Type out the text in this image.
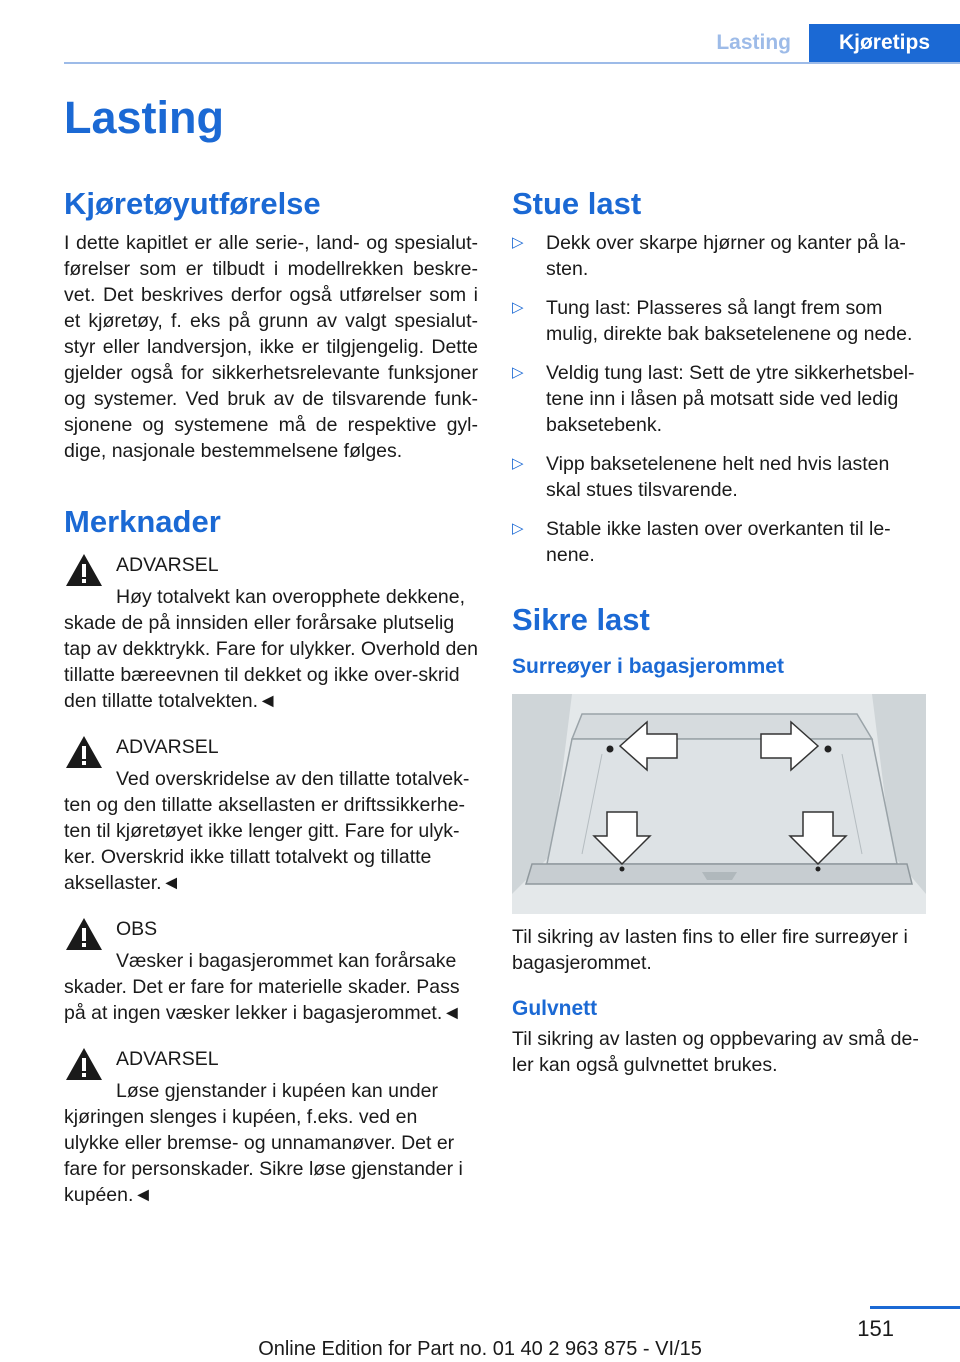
Lasting	Kjøretips
Lasting
Kjøretøyutførelse

I dette kapitlet er alle serie-, land- og spesialut-førelser som er tilbudt i modellrekken beskre-vet. Det beskrives derfor også utførelser som i et kjøretøy, f. eks på grunn av valgt spesialut-styr eller landversjon, ikke er tilgjengelig. Dette gjelder også for sikkerhetsrelevante funksjoner og systemer. Ved bruk av de tilsvarende funk-sjonene og systemene må de respektive gyl-dige, nasjonale bestemmelsene følges.

Merknader
ADVARSEL

Høy totalvekt kan overopphete dekkene, skade de på innsiden eller forårsake plutselig tap av dekktrykk. Fare for ulykker. Overhold den tillatte bæreevnen til dekket og ikke over-skrid den tillatte totalvekten.◄

ADVARSEL

Ved overskridelse av den tillatte totalvek-ten og den tillatte aksellasten er driftssikkerhe-ten til kjøretøyet ikke lenger gitt. Fare for ulyk-ker. Overskrid ikke tillatt totalvekt og tillatte aksellaster.◄

OBS

Væsker i bagasjerommet kan forårsake skader. Det er fare for materielle skader. Pass på at ingen væsker lekker i bagasjerommet.◄

ADVARSEL

Løse gjenstander i kupéen kan under kjøringen slenges i kupéen, f.eks. ved en ulykke eller bremse- og unnamanøver. Det er fare for personskader. Sikre løse gjenstander i kupéen.◄

Stue last
▷ Dekk over skarpe hjørner og kanter på la-sten.
▷ Tung last: Plasseres så langt frem som mulig, direkte bak baksetelenene og nede.
▷ Veldig tung last: Sett de ytre sikkerhetsbel-tene inn i låsen på motsatt side ved ledig baksetebenk.
▷ Vipp baksetelenene helt ned hvis lasten skal stues tilsvarende.
▷ Stable ikke lasten over overkanten til le-nene.
Sikre last
Surreøyer i bagasjerommet

Til sikring av lasten fins to eller fire surreøyer i bagasjerommet.

Gulvnett

Til sikring av lasten og oppbevaring av små de-ler kan også gulvnettet brukes.

151
Online Edition for Part no. 01 40 2 963 875 - VI/15
